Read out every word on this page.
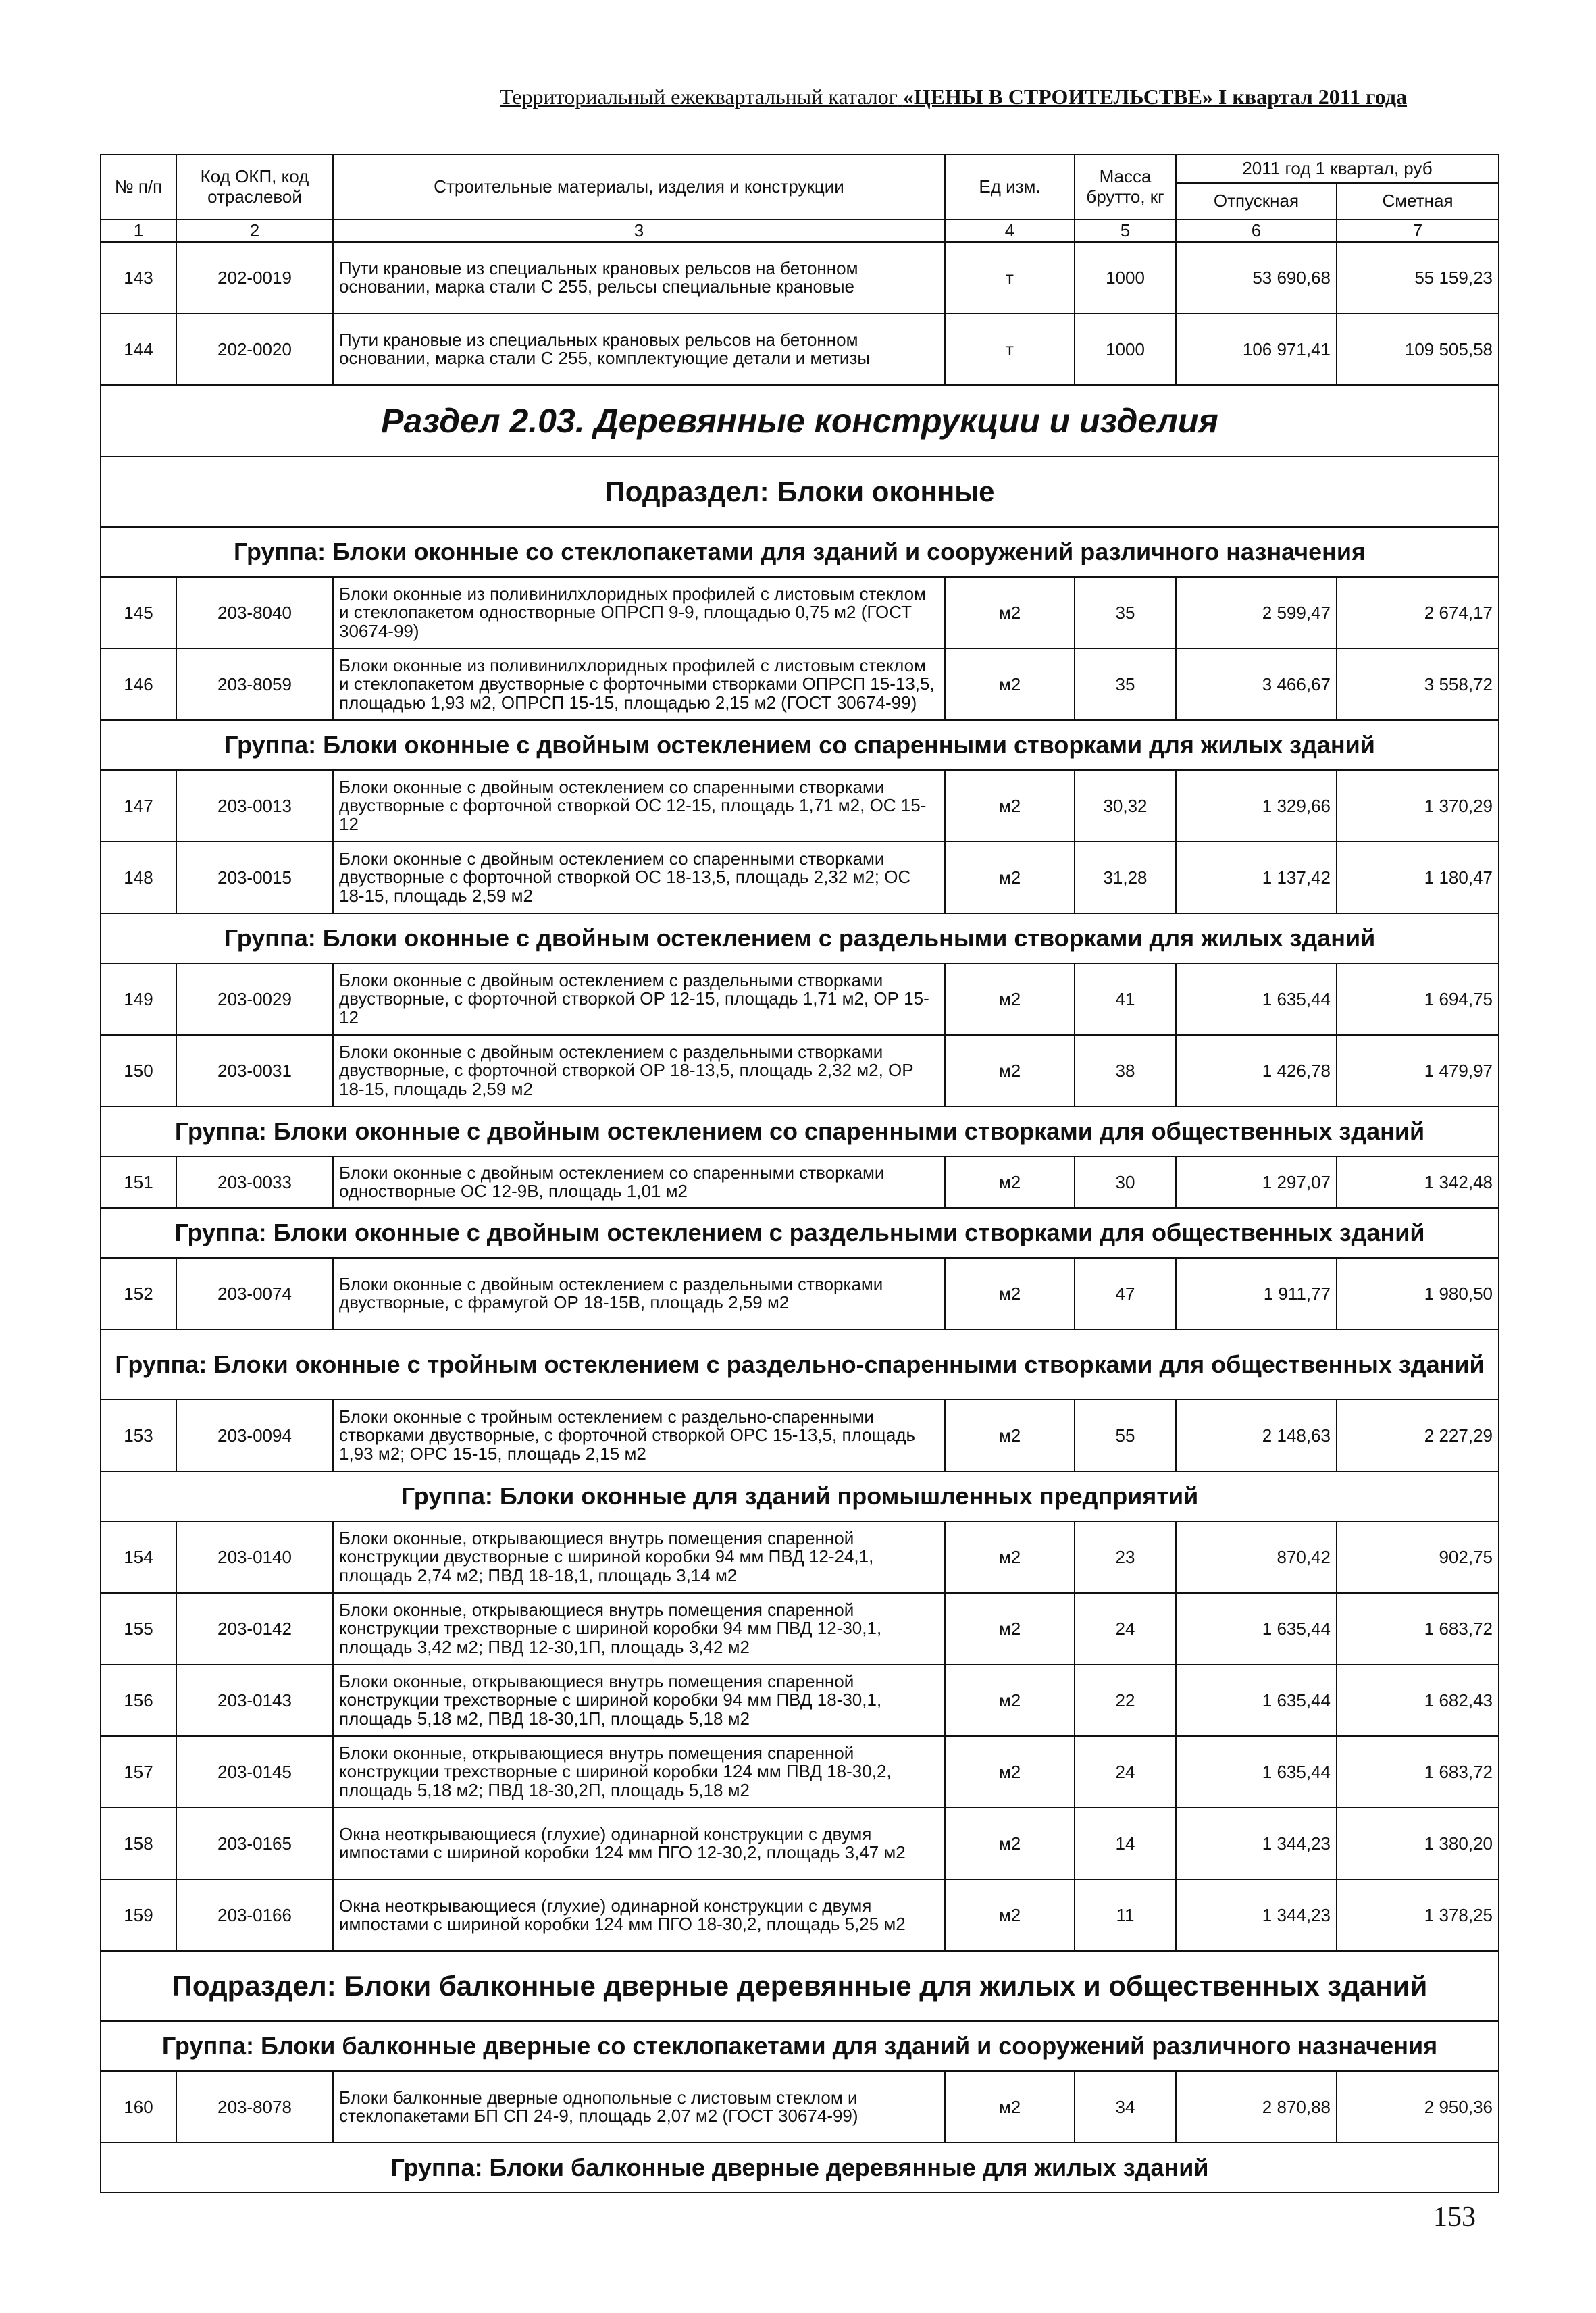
Территориальный ежеквартальный каталог «ЦЕНЫ В СТРОИТЕЛЬСТВЕ» I квартал 2011 года
№ п/п	Код ОКП, код отраслевой	Строительные материалы, изделия и конструкции	Ед изм.	Масса брутто, кг	2011 год 1 квартал, руб	
					Отпускная	Сметная
1	2	3	4	5	6	7
143	202-0019	Пути крановые из специальных крановых рельсов на бетонном основании, марка стали С 255, рельсы специальные крановые	т	1000	53 690,68	55 159,23
144	202-0020	Пути крановые из специальных крановых рельсов на бетонном основании, марка стали С 255, комплектующие детали и метизы	т	1000	106 971,41	109 505,58
Раздел 2.03. Деревянные конструкции и изделия						
Подраздел: Блоки оконные						
Группа: Блоки оконные со стеклопакетами для зданий и сооружений различного назначения						
145	203-8040	Блоки оконные из поливинилхлоридных профилей с листовым стеклом и стеклопакетом одностворные ОПРСП 9-9, площадью 0,75 м2 (ГОСТ 30674-99)	м2	35	2 599,47	2 674,17
146	203-8059	Блоки оконные из поливинилхлоридных профилей с листовым стеклом и стеклопакетом двустворные с форточными створками ОПРСП 15-13,5, площадью 1,93 м2, ОПРСП 15-15, площадью 2,15 м2 (ГОСТ 30674-99)	м2	35	3 466,67	3 558,72
Группа: Блоки оконные с двойным остеклением со спаренными створками для жилых зданий						
147	203-0013	Блоки оконные с двойным остеклением со спаренными створками двустворные с форточной створкой ОС 12-15, площадь 1,71 м2, ОС 15-12	м2	30,32	1 329,66	1 370,29
148	203-0015	Блоки оконные с двойным остеклением со спаренными створками двустворные с форточной створкой ОС 18-13,5, площадь 2,32 м2; ОС 18-15, площадь 2,59 м2	м2	31,28	1 137,42	1 180,47
Группа: Блоки оконные с двойным остеклением с раздельными створками для жилых зданий						
149	203-0029	Блоки оконные с двойным остеклением с раздельными створками двустворные, с форточной створкой ОР 12-15, площадь 1,71 м2, ОР 15-12	м2	41	1 635,44	1 694,75
150	203-0031	Блоки оконные с двойным остеклением с раздельными створками двустворные, с форточной створкой ОР 18-13,5, площадь 2,32 м2, ОР 18-15, площадь 2,59 м2	м2	38	1 426,78	1 479,97
Группа: Блоки оконные с двойным остеклением со спаренными створками для общественных зданий						
151	203-0033	Блоки оконные с двойным остеклением со спаренными створками одностворные ОС 12-9В, площадь 1,01 м2	м2	30	1 297,07	1 342,48
Группа: Блоки оконные с двойным остеклением с раздельными створками для общественных зданий						
152	203-0074	Блоки оконные с двойным остеклением с раздельными створками двустворные, с фрамугой ОР 18-15В, площадь 2,59 м2	м2	47	1 911,77	1 980,50
Группа: Блоки оконные с тройным остеклением с раздельно-спаренными створками для общественных зданий						
153	203-0094	Блоки оконные с тройным остеклением с раздельно-спаренными створками двустворные, с форточной створкой ОРС 15-13,5, площадь 1,93 м2; ОРС 15-15, площадь 2,15 м2	м2	55	2 148,63	2 227,29
Группа: Блоки оконные для зданий промышленных предприятий						
154	203-0140	Блоки оконные, открывающиеся внутрь помещения спаренной конструкции двустворные с шириной коробки 94 мм ПВД 12-24,1, площадь 2,74 м2; ПВД 18-18,1, площадь 3,14 м2	м2	23	870,42	902,75
155	203-0142	Блоки оконные, открывающиеся внутрь помещения спаренной конструкции трехстворные с шириной коробки 94 мм ПВД 12-30,1, площадь 3,42 м2; ПВД 12-30,1П, площадь 3,42 м2	м2	24	1 635,44	1 683,72
156	203-0143	Блоки оконные, открывающиеся внутрь помещения спаренной конструкции трехстворные с шириной коробки 94 мм ПВД 18-30,1, площадь 5,18 м2, ПВД 18-30,1П, площадь 5,18 м2	м2	22	1 635,44	1 682,43
157	203-0145	Блоки оконные, открывающиеся внутрь помещения спаренной конструкции трехстворные с шириной коробки 124 мм ПВД 18-30,2, площадь 5,18 м2; ПВД 18-30,2П, площадь 5,18 м2	м2	24	1 635,44	1 683,72
158	203-0165	Окна неоткрывающиеся (глухие) одинарной конструкции с двумя импостами с шириной коробки 124 мм ПГО 12-30,2, площадь 3,47 м2	м2	14	1 344,23	1 380,20
159	203-0166	Окна неоткрывающиеся (глухие) одинарной конструкции с двумя импостами с шириной коробки 124 мм ПГО 18-30,2, площадь 5,25 м2	м2	11	1 344,23	1 378,25
Подраздел: Блоки балконные дверные деревянные для жилых и общественных зданий						
Группа: Блоки балконные дверные со стеклопакетами для зданий и сооружений различного назначения						
160	203-8078	Блоки балконные дверные однопольные с листовым стеклом и стеклопакетами БП СП 24-9, площадь 2,07 м2 (ГОСТ 30674-99)	м2	34	2 870,88	2 950,36
Группа: Блоки балконные дверные деревянные для жилых зданий						
153
